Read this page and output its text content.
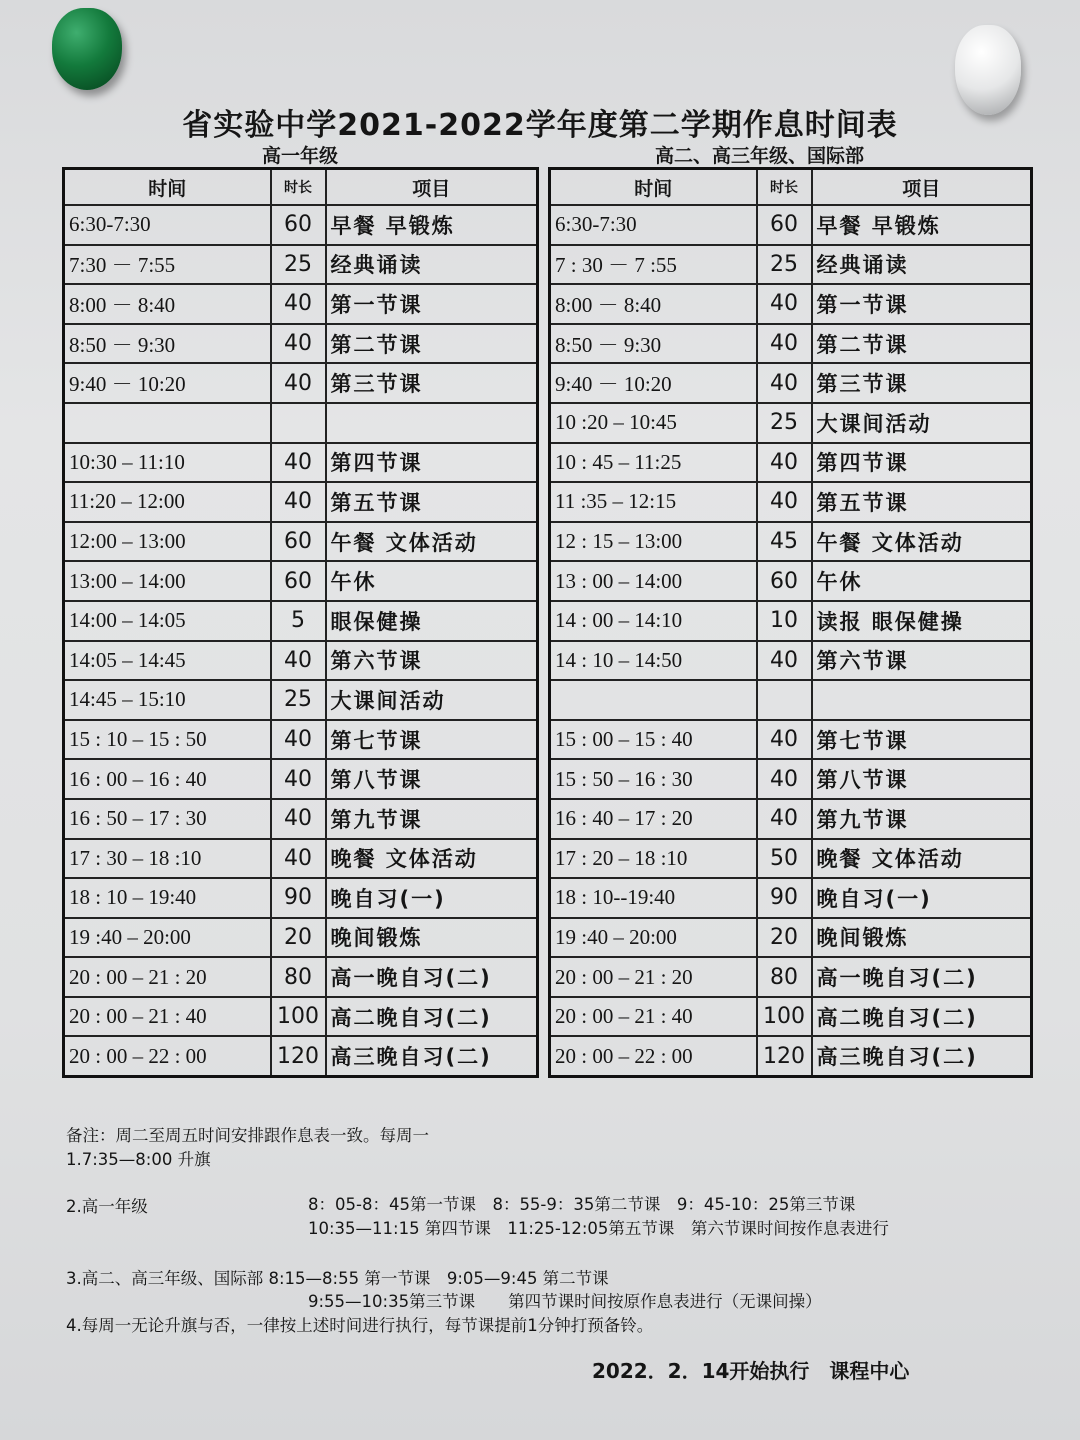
省实验中学2021-2022学年度第二学期作息时间表
高一年级	高二、高三年级、国际部
时间	时长	项目
6:30-7:30	60	早餐 早锻炼
7:30 － 7:55	25	经典诵读
8:00 － 8:40	40	第一节课
8:50 － 9:30	40	第二节课
9:40 － 10:20	40	第三节课

10:30 – 11:10	40	第四节课
11:20 – 12:00	40	第五节课
12:00 – 13:00	60	午餐 文体活动
13:00 – 14:00	60	午休
14:00 – 14:05	5	眼保健操
14:05 – 14:45	40	第六节课
14:45 – 15:10	25	大课间活动
15 : 10 – 15 : 50	40	第七节课
16 : 00 – 16 : 40	40	第八节课
16 : 50 – 17 : 30	40	第九节课
17 : 30 – 18 :10	40	晚餐 文体活动
18 : 10 – 19:40	90	晚自习(一)
19 :40 – 20:00	20	晚间锻炼
20 : 00 – 21 : 20	80	高一晚自习(二)
20 : 00 – 21 : 40	100	高二晚自习(二)
20 : 00 – 22 : 00	120	高三晚自习(二)
时间	时长	项目
6:30-7:30	60	早餐 早锻炼
7 : 30 － 7 :55	25	经典诵读
8:00 － 8:40	40	第一节课
8:50 － 9:30	40	第二节课
9:40 － 10:20	40	第三节课
10 :20 – 10:45	25	大课间活动
10 : 45 – 11:25	40	第四节课
11 :35 – 12:15	40	第五节课
12 : 15 – 13:00	45	午餐 文体活动
13 : 00 – 14:00	60	午休
14 : 00 – 14:10	10	读报 眼保健操
14 : 10 – 14:50	40	第六节课

15 : 00 – 15 : 40	40	第七节课
15 : 50 – 16 : 30	40	第八节课
16 : 40 – 17 : 20	40	第九节课
17 : 20 – 18 :10	50	晚餐 文体活动
18 : 10--19:40	90	晚自习(一)
19 :40 – 20:00	20	晚间锻炼
20 : 00 – 21 : 20	80	高一晚自习(二)
20 : 00 – 21 : 40	100	高二晚自习(二)
20 : 00 – 22 : 00	120	高三晚自习(二)
备注：周二至周五时间安排跟作息表一致。每周一
1.7:35—8:00 升旗
2.高一年级	8：05-8：45第一节课　8：55-9：35第二节课　9：45-10：25第三节课
10:35—11:15 第四节课　11:25-12:05第五节课　第六节课时间按作息表进行
3.高二、高三年级、国际部 8:15—8:55 第一节课　9:05—9:45 第二节课
9:55—10:35第三节课　　第四节课时间按原作息表进行（无课间操）
4.每周一无论升旗与否，一律按上述时间进行执行，每节课提前1分钟打预备铃。
2022．2．14开始执行　课程中心
